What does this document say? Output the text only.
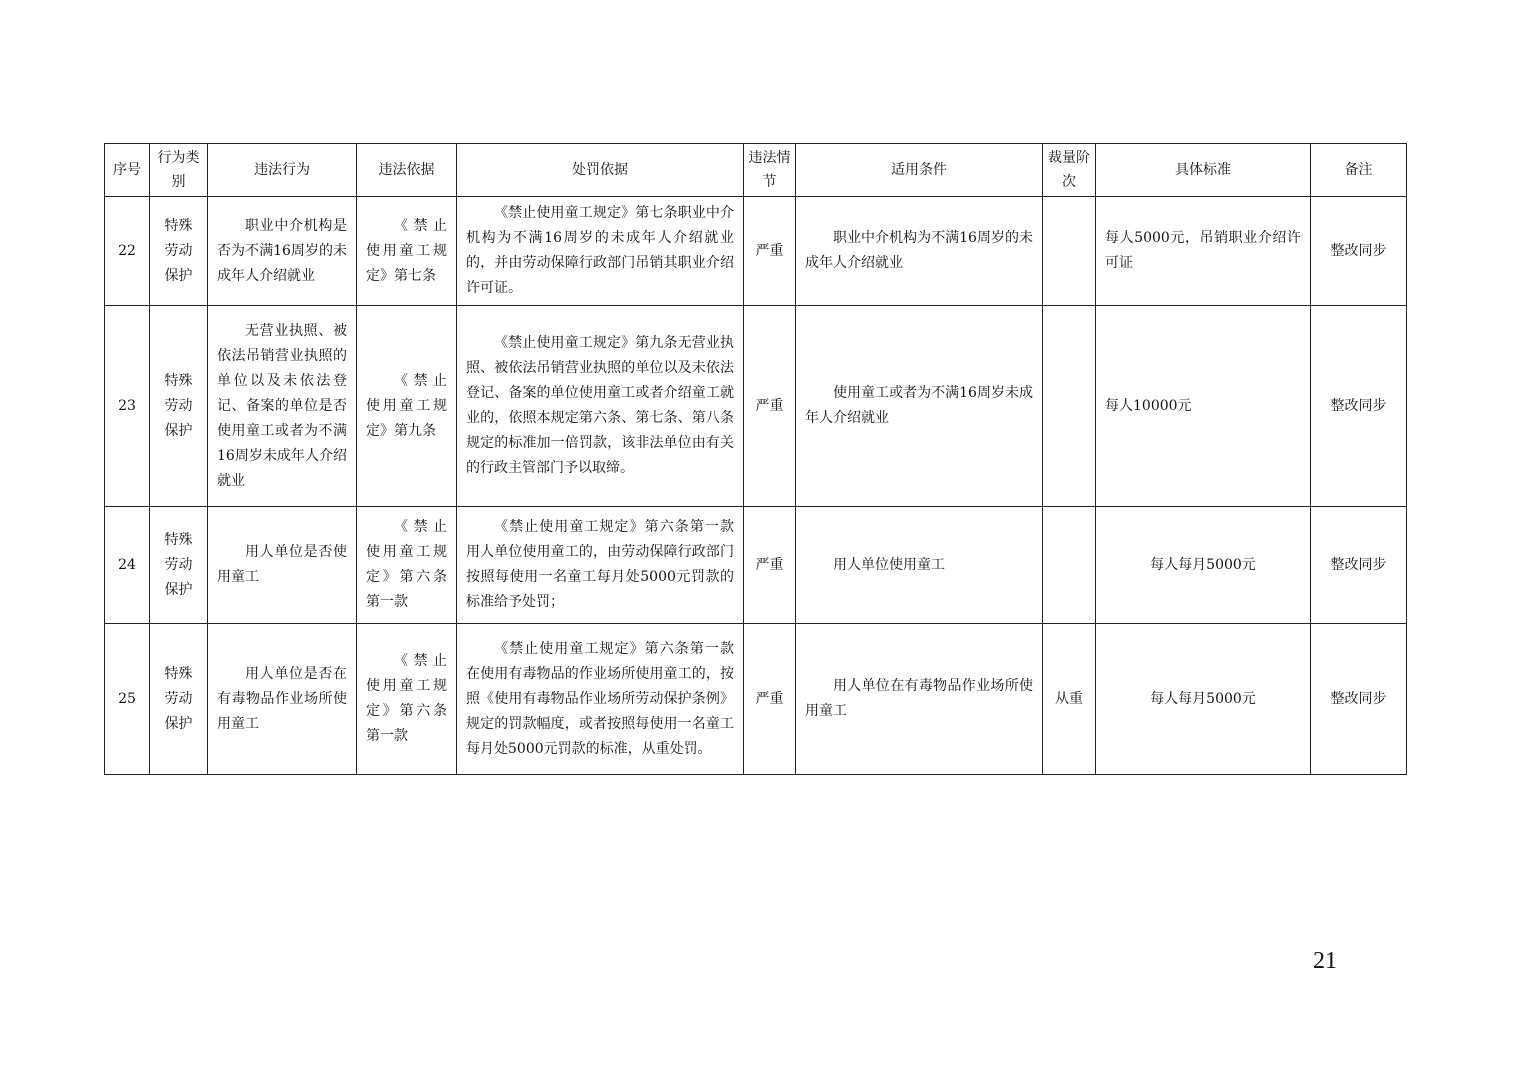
序号	行为类别	违法行为	违法依据	处罚依据	违法情节	适用条件	裁量阶次	具体标准	备注
22	特殊劳动保护	职业中介机构是否为不满16周岁的未成年人介绍就业	《禁止使用童工规定》第七条	《禁止使用童工规定》第七条职业中介机构为不满16周岁的未成年人介绍就业的，并由劳动保障行政部门吊销其职业介绍许可证。	严重	职业中介机构为不满16周岁的未成年人介绍就业		每人5000元，吊销职业介绍许可证	整改同步
23	特殊劳动保护	无营业执照、被依法吊销营业执照的单位以及未依法登记、备案的单位是否使用童工或者为不满16周岁未成年人介绍就业	《禁止使用童工规定》第九条	《禁止使用童工规定》第九条无营业执照、被依法吊销营业执照的单位以及未依法登记、备案的单位使用童工或者介绍童工就业的，依照本规定第六条、第七条、第八条规定的标准加一倍罚款，该非法单位由有关的行政主管部门予以取缔。	严重	使用童工或者为不满16周岁未成年人介绍就业		每人10000元	整改同步
24	特殊劳动保护	用人单位是否使用童工	《禁止使用童工规定》第六条第一款	《禁止使用童工规定》第六条第一款　用人单位使用童工的，由劳动保障行政部门按照每使用一名童工每月处5000元罚款的标准给予处罚；	严重	用人单位使用童工		每人每月5000元	整改同步
25	特殊劳动保护	用人单位是否在有毒物品作业场所使用童工	《禁止使用童工规定》第六条第一款	《禁止使用童工规定》第六条第一款　在使用有毒物品的作业场所使用童工的，按照《使用有毒物品作业场所劳动保护条例》规定的罚款幅度，或者按照每使用一名童工每月处5000元罚款的标准，从重处罚。	严重	用人单位在有毒物品作业场所使用童工	从重	每人每月5000元	整改同步
21
